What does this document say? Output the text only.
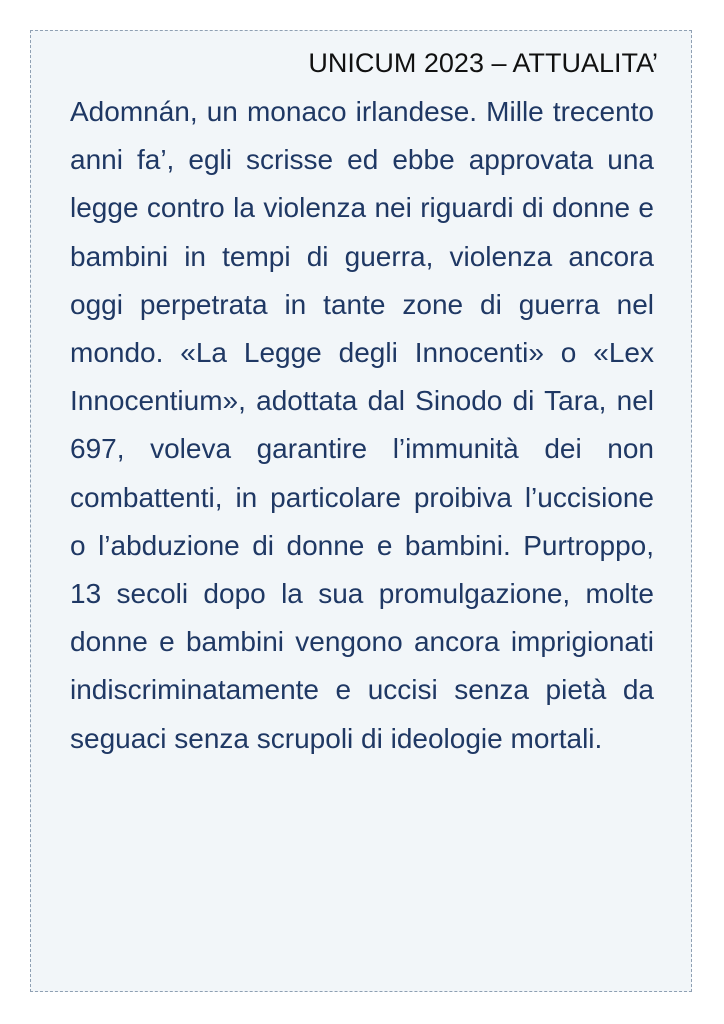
UNICUM 2023 – ATTUALITA’

Adomnán, un monaco irlandese. Mille trecento anni fa’, egli scrisse ed ebbe approvata una legge contro la violenza nei riguardi di donne e bambini in tempi di guerra, violenza ancora oggi perpetrata in tante zone di guerra nel mondo. «La Legge degli Innocenti» o «Lex Innocentium», adottata dal Sinodo di Tara, nel 697, voleva garantire l’immunità dei non combattenti, in particolare proibiva l’uccisione o l’abduzione di donne e bambini. Purtroppo, 13 secoli dopo la sua promulgazione, molte donne e bambini vengono ancora imprigionati indiscriminatamente e uccisi senza pietà da seguaci senza scrupoli di ideologie mortali.
